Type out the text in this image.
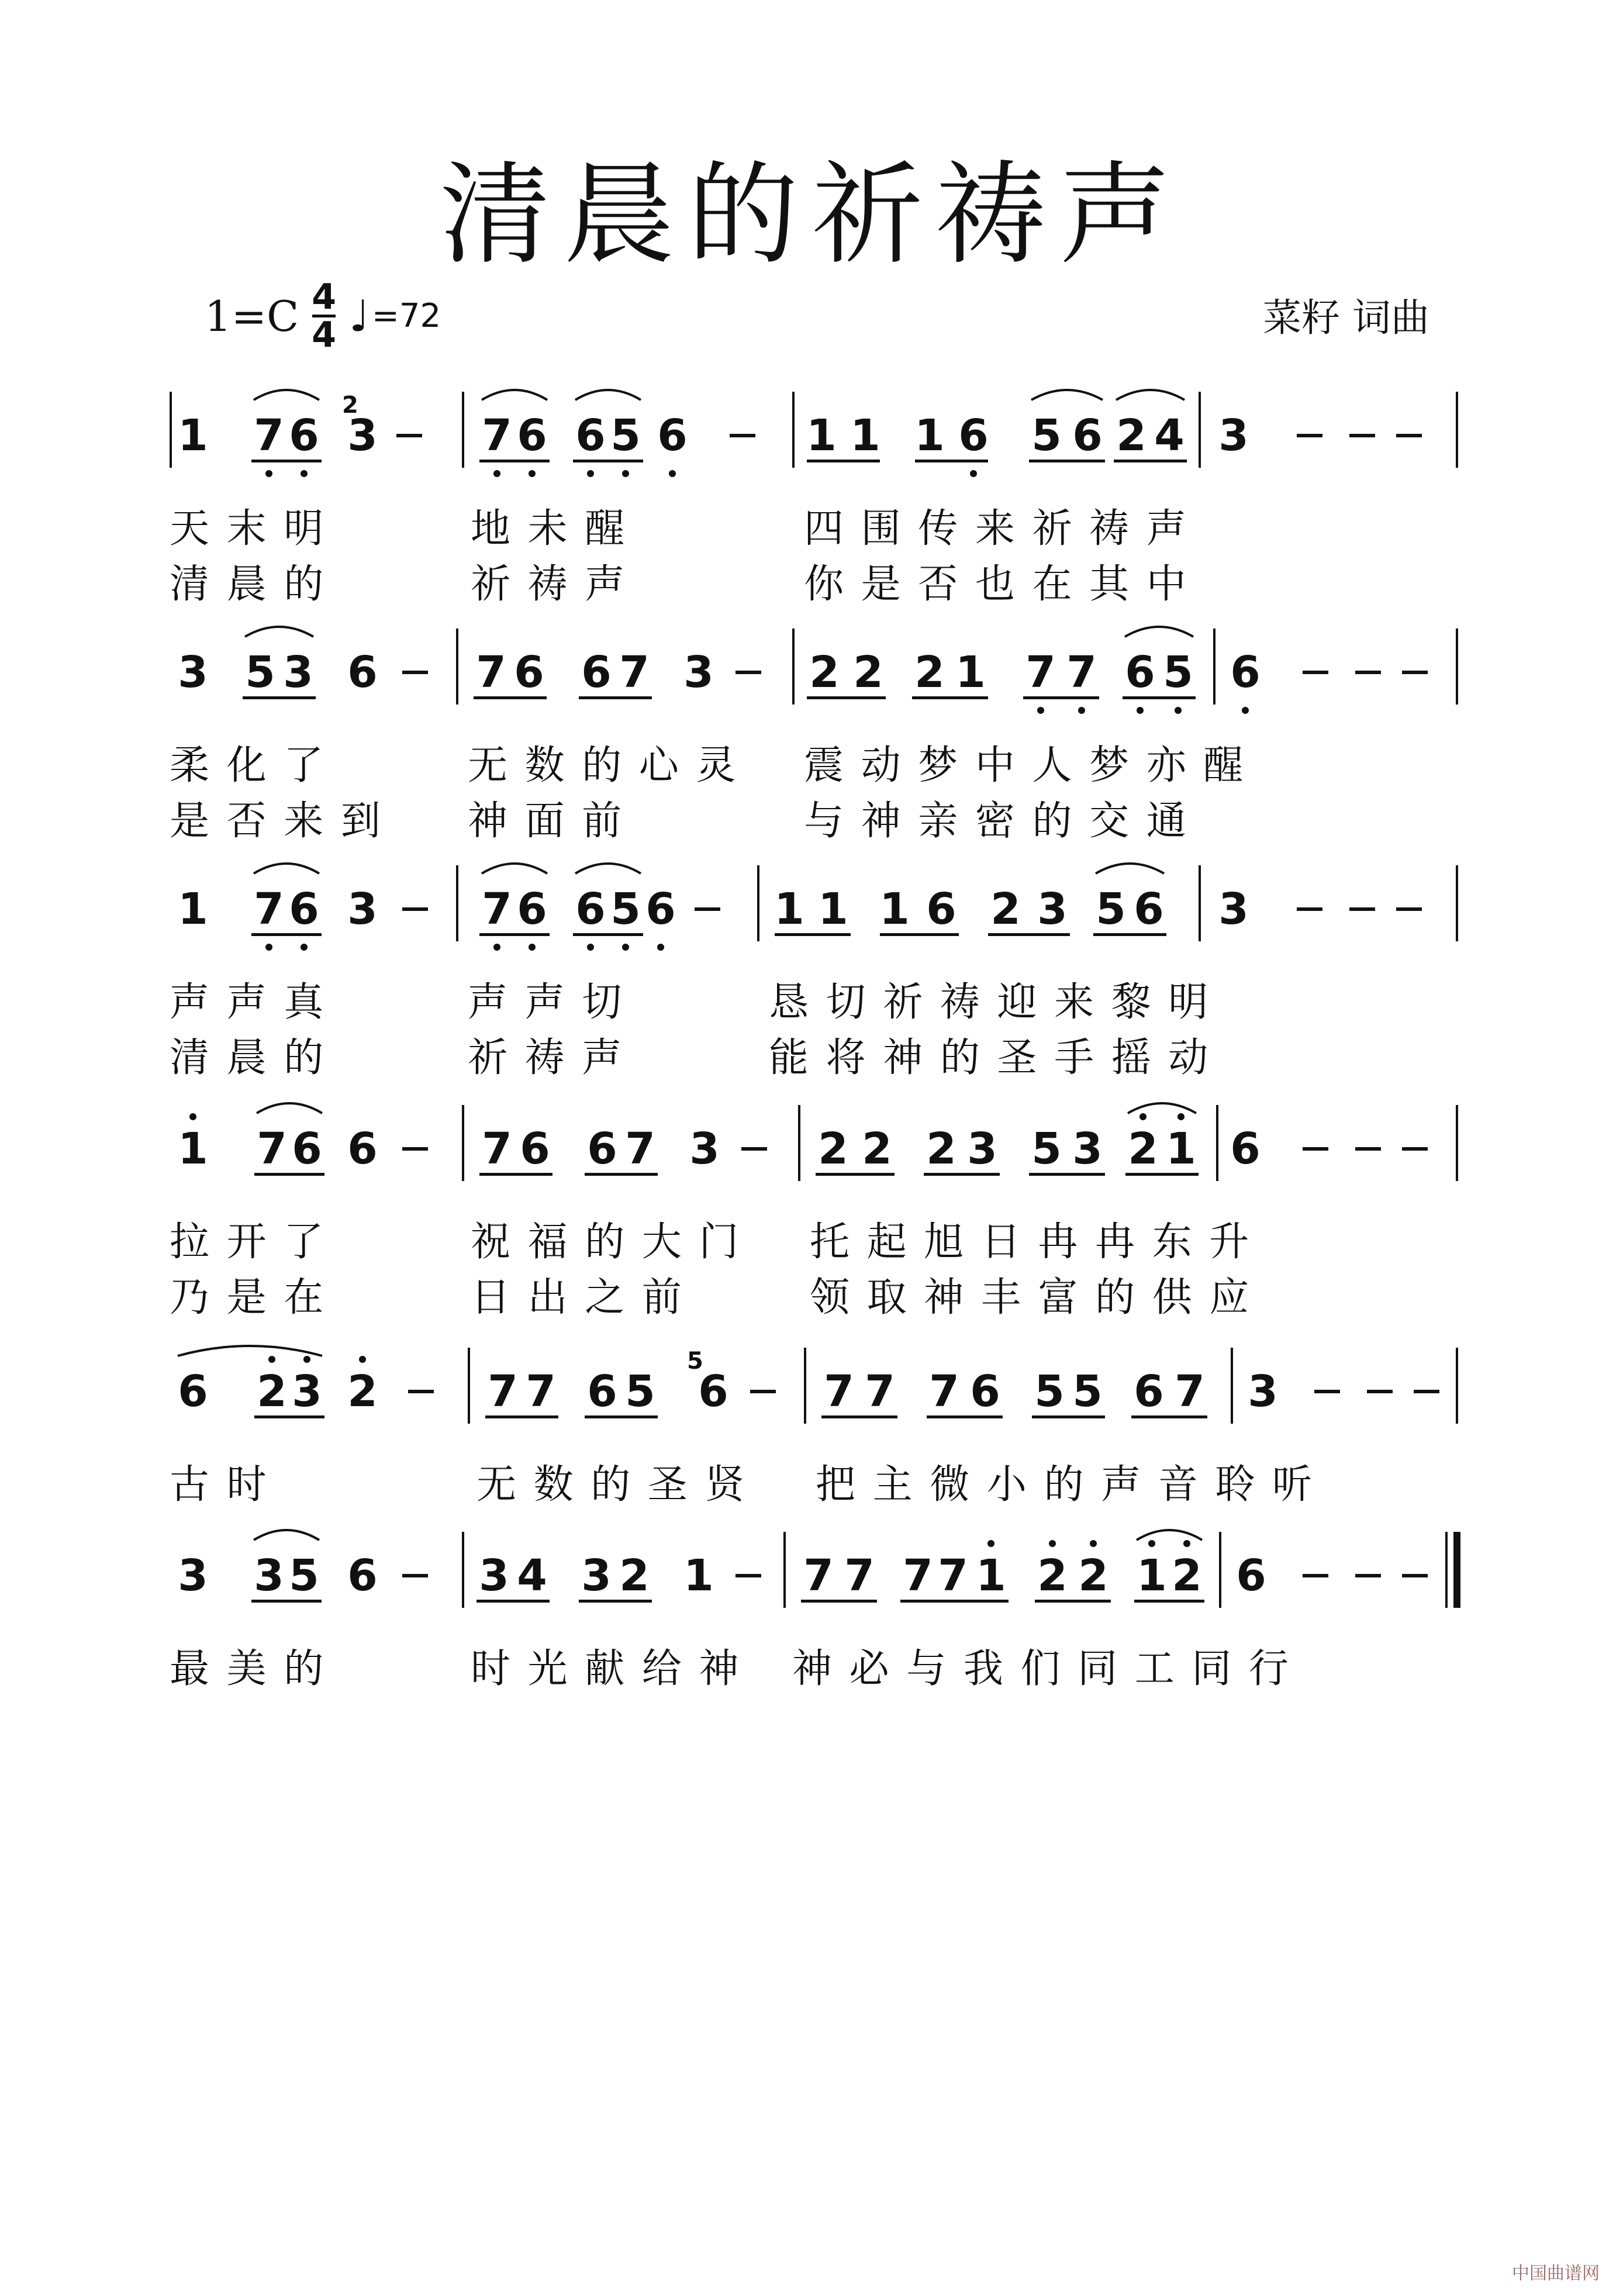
清晨的祈祷声
1=C 4
4 ♩ =72	菜籽 词曲
1 7 6 3 7 6 6 5 6	1 1 1 6 5 6 2 4 3
2
天 末 明	地 未 醒	四 围 传 来 祈 祷 声
清 晨 的	祈 祷 声	你 是 否 也 在 其 中
3 5 3 6 7 6 6 7 3 2 2 2 1 7 7 6 5 6
柔 化 了	无 数 的 心 灵 震 动 梦 中 人 梦 亦 醒
是 否 来 到 神 面 前	与 神 亲 密 的 交 通
1 7 6 3 7 6 6 5 6 1 1 1 6 2 3 5 6 3
声 声 真	声 声 切	恳 切 祈 祷 迎 来 黎 明
清 晨 的	祈 祷 声	能 将 神 的 圣 手 摇 动
1 7 6 6 7 6 6 7 3 2 2 2 3 5 3 2 1 6
拉 开 了	祝 福 的 大 门 托 起 旭 日 冉 冉 东 升
乃 是 在	日 出 之 前	领 取 神 丰 富 的 供 应
6 2 3 2	7 7 6 5 6 7 7 7 6 5 5 6 7 3
5
古 时	无 数 的 圣 贤 把 主 微 小 的 声 音 聆 听
3 3 5 6 3 4 3 2 1 7 7 7 7 1 2 2 1 2 6
最 美 的	时 光 献 给 神 神 必 与 我 们 同 工 同 行
中国曲谱网
